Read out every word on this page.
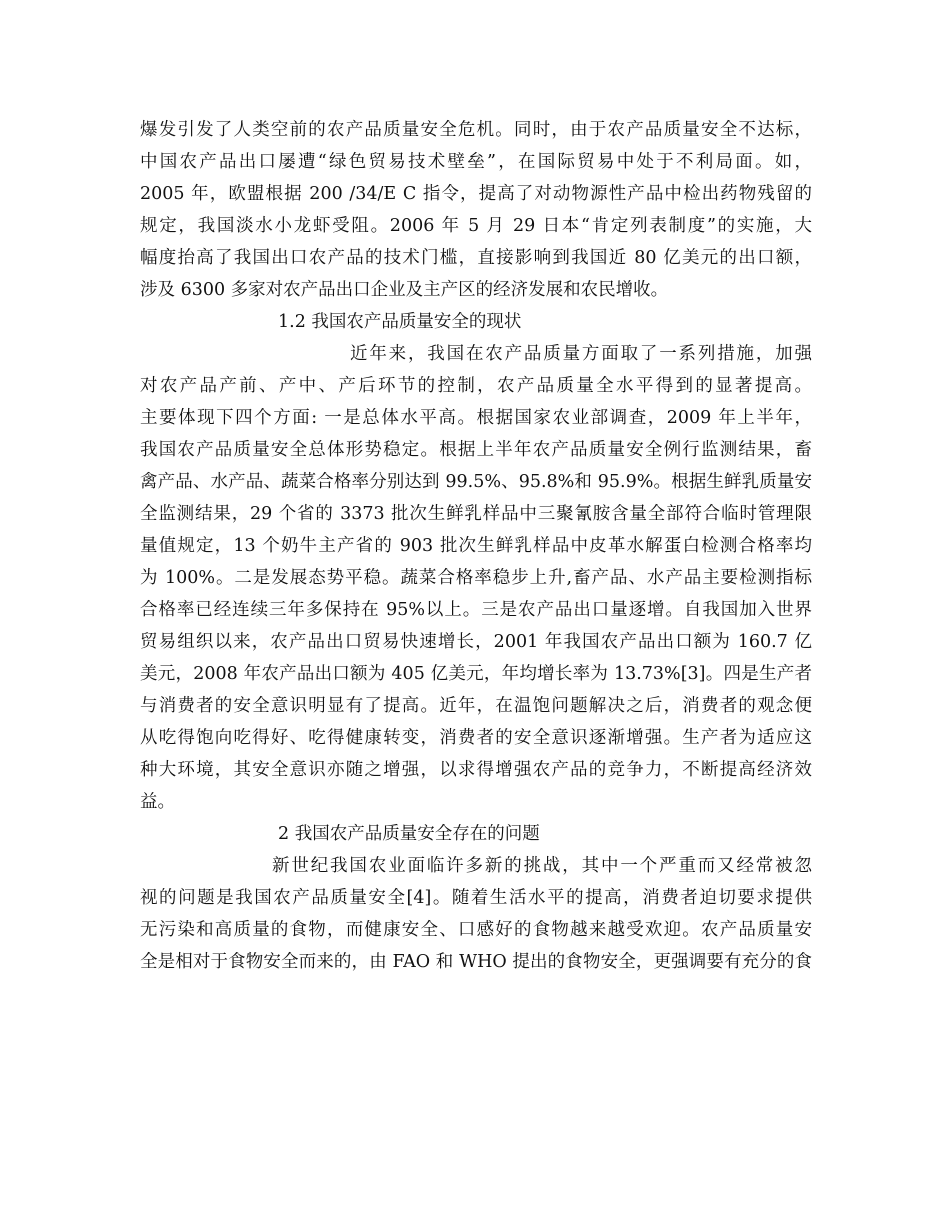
爆发引发了人类空前的农产品质量安全危机。同时，由于农产品质量安全不达标，
中国农产品出口屡遭“绿色贸易技术壁垒”，在国际贸易中处于不利局面。如，
2005 年，欧盟根据 200 /34/E C 指令，提高了对动物源性产品中检出药物残留的
规定，我国淡水小龙虾受阻。2006 年 5 月 29 日本“肯定列表制度”的实施，大
幅度抬高了我国出口农产品的技术门槛，直接影响到我国近 80 亿美元的出口额，
涉及 6300 多家对农产品出口企业及主产区的经济发展和农民增收。
1.2 我国农产品质量安全的现状
近年来，我国在农产品质量方面取了一系列措施，加强
对农产品产前、产中、产后环节的控制，农产品质量全水平得到的显著提高。
主要体现下四个方面: 一是总体水平高。根据国家农业部调查，2009 年上半年，
我国农产品质量安全总体形势稳定。根据上半年农产品质量安全例行监测结果，畜
禽产品、水产品、蔬菜合格率分别达到 99.5%、95.8%和 95.9%。根据生鲜乳质量安
全监测结果，29 个省的 3373 批次生鲜乳样品中三聚氰胺含量全部符合临时管理限
量值规定，13 个奶牛主产省的 903 批次生鲜乳样品中皮革水解蛋白检测合格率均
为 100%。二是发展态势平稳。蔬菜合格率稳步上升,畜产品、水产品主要检测指标
合格率已经连续三年多保持在 95%以上。三是农产品出口量逐增。自我国加入世界
贸易组织以来，农产品出口贸易快速增长，2001 年我国农产品出口额为 160.7 亿
美元，2008 年农产品出口额为 405 亿美元，年均增长率为 13.73%[3]。四是生产者
与消费者的安全意识明显有了提高。近年，在温饱问题解决之后，消费者的观念便
从吃得饱向吃得好、吃得健康转变，消费者的安全意识逐渐增强。生产者为适应这
种大环境，其安全意识亦随之增强，以求得增强农产品的竞争力，不断提高经济效
益。
2 我国农产品质量安全存在的问题
新世纪我国农业面临许多新的挑战，其中一个严重而又经常被忽
视的问题是我国农产品质量安全[4]。随着生活水平的提高，消费者迫切要求提供
无污染和高质量的食物，而健康安全、口感好的食物越来越受欢迎。农产品质量安
全是相对于食物安全而来的，由 FAO 和 WHO 提出的食物安全，更强调要有充分的食
